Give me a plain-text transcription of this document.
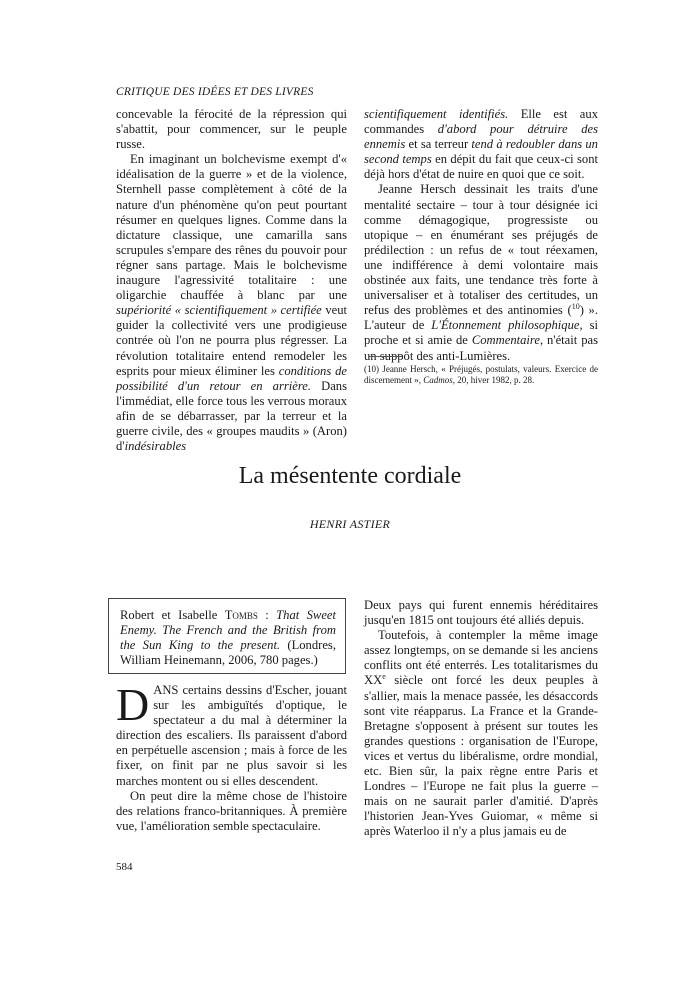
CRITIQUE DES IDÉES ET DES LIVRES

concevable la férocité de la répression qui s'abattit, pour commencer, sur le peuple russe.

En imaginant un bolchevisme exempt d'« idéalisation de la guerre » et de la violence, Sternhell passe complètement à côté de la nature d'un phénomène qu'on peut pourtant résumer en quelques lignes. Comme dans la dictature classique, une camarilla sans scrupules s'empare des rênes du pouvoir pour régner sans partage. Mais le bolchevisme inaugure l'agressivité totalitaire : une oligarchie chauffée à blanc par une supériorité « scientifiquement » certifiée veut guider la collectivité vers une prodigieuse contrée où l'on ne pourra plus régresser. La révolution totalitaire entend remodeler les esprits pour mieux éliminer les conditions de possibilité d'un retour en arrière. Dans l'immédiat, elle force tous les verrous moraux afin de se débarrasser, par la terreur et la guerre civile, des « groupes maudits » (Aron) d'indésirables

scientifiquement identifiés. Elle est aux commandes d'abord pour détruire des ennemis et sa terreur tend à redoubler dans un second temps en dépit du fait que ceux-ci sont déjà hors d'état de nuire en quoi que ce soit.

Jeanne Hersch dessinait les traits d'une mentalité sectaire – tour à tour désignée ici comme démagogique, progressiste ou utopique – en énumérant ses préjugés de prédilection : un refus de « tout réexamen, une indifférence à demi volontaire mais obstinée aux faits, une tendance très forte à universaliser et à totaliser des certitudes, un refus des problèmes et des antinomies ($^{10}$) ». L'auteur de L'Étonnement philosophique, si proche et si amie de Commentaire, n'était pas un suppôt des anti-Lumières.

(10) Jeanne Hersch, « Préjugés, postulats, valeurs. Exercice de discernement », Cadmos, 20, hiver 1982, p. 28.
La mésentente cordiale
HENRI ASTIER
Robert et Isabelle Tombs : That Sweet Enemy. The French and the British from the Sun King to the present. (Londres, William Heinemann, 2006, 780 pages.)

DANS certains dessins d'Escher, jouant sur les ambiguïtés d'optique, le spectateur a du mal à déterminer la direction des escaliers. Ils paraissent d'abord en perpétuelle ascension ; mais à force de les fixer, on finit par ne plus savoir si les marches montent ou si elles descendent.

On peut dire la même chose de l'histoire des relations franco-britanniques. À première vue, l'amélioration semble spectaculaire.

Deux pays qui furent ennemis héréditaires jusqu'en 1815 ont toujours été alliés depuis.

Toutefois, à contempler la même image assez longtemps, on se demande si les anciens conflits ont été enterrés. Les totalitarismes du XXe siècle ont forcé les deux peuples à s'allier, mais la menace passée, les désaccords sont vite réapparus. La France et la Grande-Bretagne s'opposent à présent sur toutes les grandes questions : organisation de l'Europe, vices et vertus du libéralisme, ordre mondial, etc. Bien sûr, la paix règne entre Paris et Londres – l'Europe ne fait plus la guerre – mais on ne saurait parler d'amitié. D'après l'historien Jean-Yves Guiomar, « même si après Waterloo il n'y a plus jamais eu de

584
